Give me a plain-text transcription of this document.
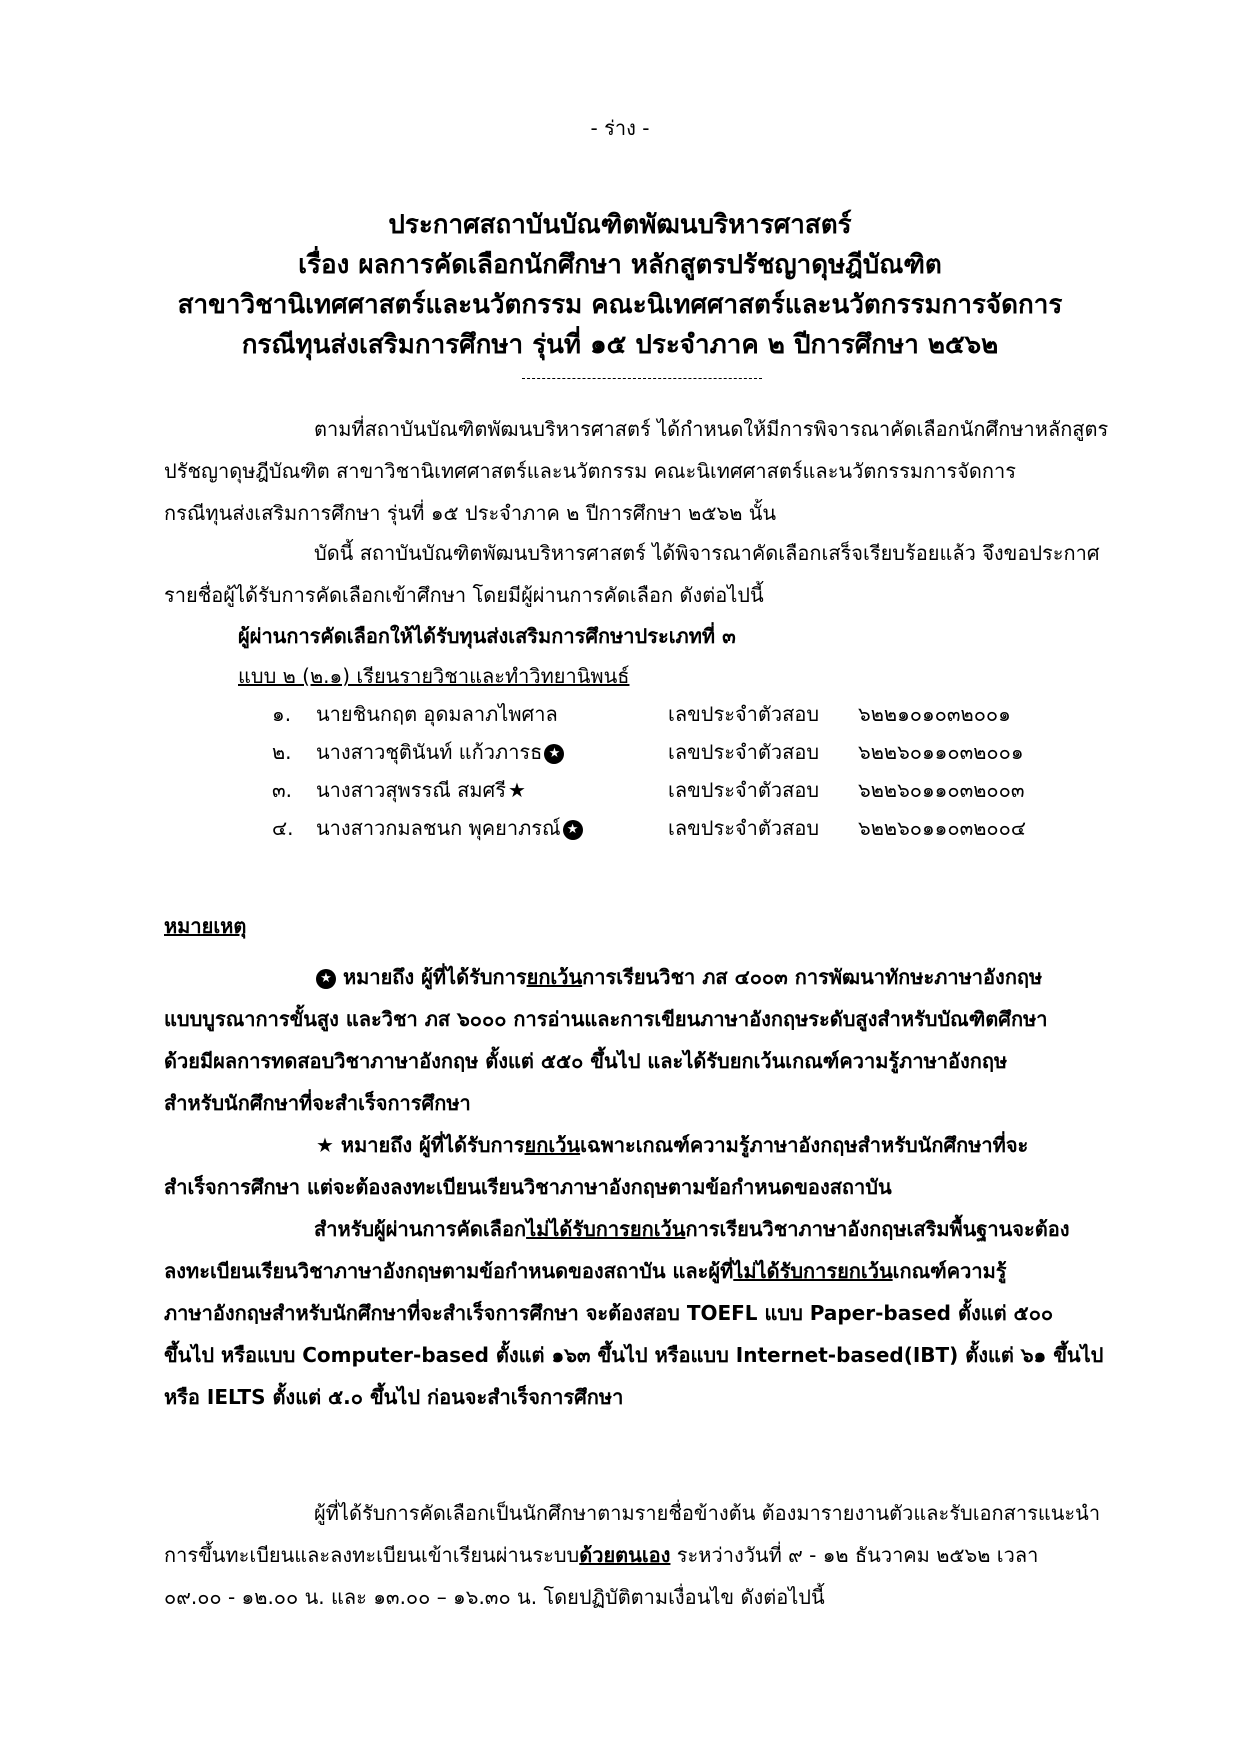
- ร่าง -
ประกาศสถาบันบัณฑิตพัฒนบริหารศาสตร์
เรื่อง ผลการคัดเลือกนักศึกษา หลักสูตรปรัชญาดุษฎีบัณฑิต
สาขาวิชานิเทศศาสตร์และนวัตกรรม คณะนิเทศศาสตร์และนวัตกรรมการจัดการ
กรณีทุนส่งเสริมการศึกษา รุ่นที่ ๑๕ ประจำภาค ๒ ปีการศึกษา ๒๕๖๒
ตามที่สถาบันบัณฑิตพัฒนบริหารศาสตร์ ได้กำหนดให้มีการพิจารณาคัดเลือกนักศึกษาหลักสูตร
ปรัชญาดุษฎีบัณฑิต สาขาวิชานิเทศศาสตร์และนวัตกรรม คณะนิเทศศาสตร์และนวัตกรรมการจัดการ
กรณีทุนส่งเสริมการศึกษา รุ่นที่ ๑๕ ประจำภาค ๒ ปีการศึกษา ๒๕๖๒ นั้น
บัดนี้ สถาบันบัณฑิตพัฒนบริหารศาสตร์ ได้พิจารณาคัดเลือกเสร็จเรียบร้อยแล้ว จึงขอประกาศ
รายชื่อผู้ได้รับการคัดเลือกเข้าศึกษา โดยมีผู้ผ่านการคัดเลือก ดังต่อไปนี้
ผู้ผ่านการคัดเลือกให้ได้รับทุนส่งเสริมการศึกษาประเภทที่ ๓
แบบ ๒ (๒.๑) เรียนรายวิชาและทำวิทยานิพนธ์
๑. นายชินกฤต อุดมลาภไพศาล	เลขประจำตัวสอบ ๖๒๒๑๐๑๐๓๒๐๐๑
๒. นางสาวชุตินันท์ แก้วภารธ ★	เลขประจำตัวสอบ ๖๒๒๖๐๑๑๐๓๒๐๐๑
๓. นางสาวสุพรรณี สมศรี ★	เลขประจำตัวสอบ ๖๒๒๖๐๑๑๐๓๒๐๐๓
๔. นางสาวกมลชนก พุคยาภรณ์ ★	เลขประจำตัวสอบ ๖๒๒๖๐๑๑๐๓๒๐๐๔
หมายเหตุ
★ หมายถึง ผู้ที่ได้รับการยกเว้นการเรียนวิชา ภส ๔๐๐๓ การพัฒนาทักษะภาษาอังกฤษ
แบบบูรณาการขั้นสูง และวิชา ภส ๖๐๐๐ การอ่านและการเขียนภาษาอังกฤษระดับสูงสำหรับบัณฑิตศึกษา
ด้วยมีผลการทดสอบวิชาภาษาอังกฤษ ตั้งแต่ ๕๕๐ ขึ้นไป และได้รับยกเว้นเกณฑ์ความรู้ภาษาอังกฤษ
สำหรับนักศึกษาที่จะสำเร็จการศึกษา
★ หมายถึง ผู้ที่ได้รับการยกเว้นเฉพาะเกณฑ์ความรู้ภาษาอังกฤษสำหรับนักศึกษาที่จะ
สำเร็จการศึกษา แต่จะต้องลงทะเบียนเรียนวิชาภาษาอังกฤษตามข้อกำหนดของสถาบัน
สำหรับผู้ผ่านการคัดเลือกไม่ได้รับการยกเว้นการเรียนวิชาภาษาอังกฤษเสริมพื้นฐานจะต้อง
ลงทะเบียนเรียนวิชาภาษาอังกฤษตามข้อกำหนดของสถาบัน และผู้ที่ไม่ได้รับการยกเว้นเกณฑ์ความรู้
ภาษาอังกฤษสำหรับนักศึกษาที่จะสำเร็จการศึกษา จะต้องสอบ TOEFL แบบ Paper-based ตั้งแต่ ๕๐๐
ขึ้นไป หรือแบบ Computer-based ตั้งแต่ ๑๖๓ ขึ้นไป หรือแบบ Internet-based(IBT) ตั้งแต่ ๖๑ ขึ้นไป
หรือ IELTS ตั้งแต่ ๕.๐ ขึ้นไป ก่อนจะสำเร็จการศึกษา
ผู้ที่ได้รับการคัดเลือกเป็นนักศึกษาตามรายชื่อข้างต้น ต้องมารายงานตัวและรับเอกสารแนะนำ
การขึ้นทะเบียนและลงทะเบียนเข้าเรียนผ่านระบบด้วยตนเอง ระหว่างวันที่ ๙ - ๑๒ ธันวาคม ๒๕๖๒ เวลา
๐๙.๐๐ - ๑๒.๐๐ น. และ ๑๓.๐๐ – ๑๖.๓๐ น. โดยปฏิบัติตามเงื่อนไข ดังต่อไปนี้
